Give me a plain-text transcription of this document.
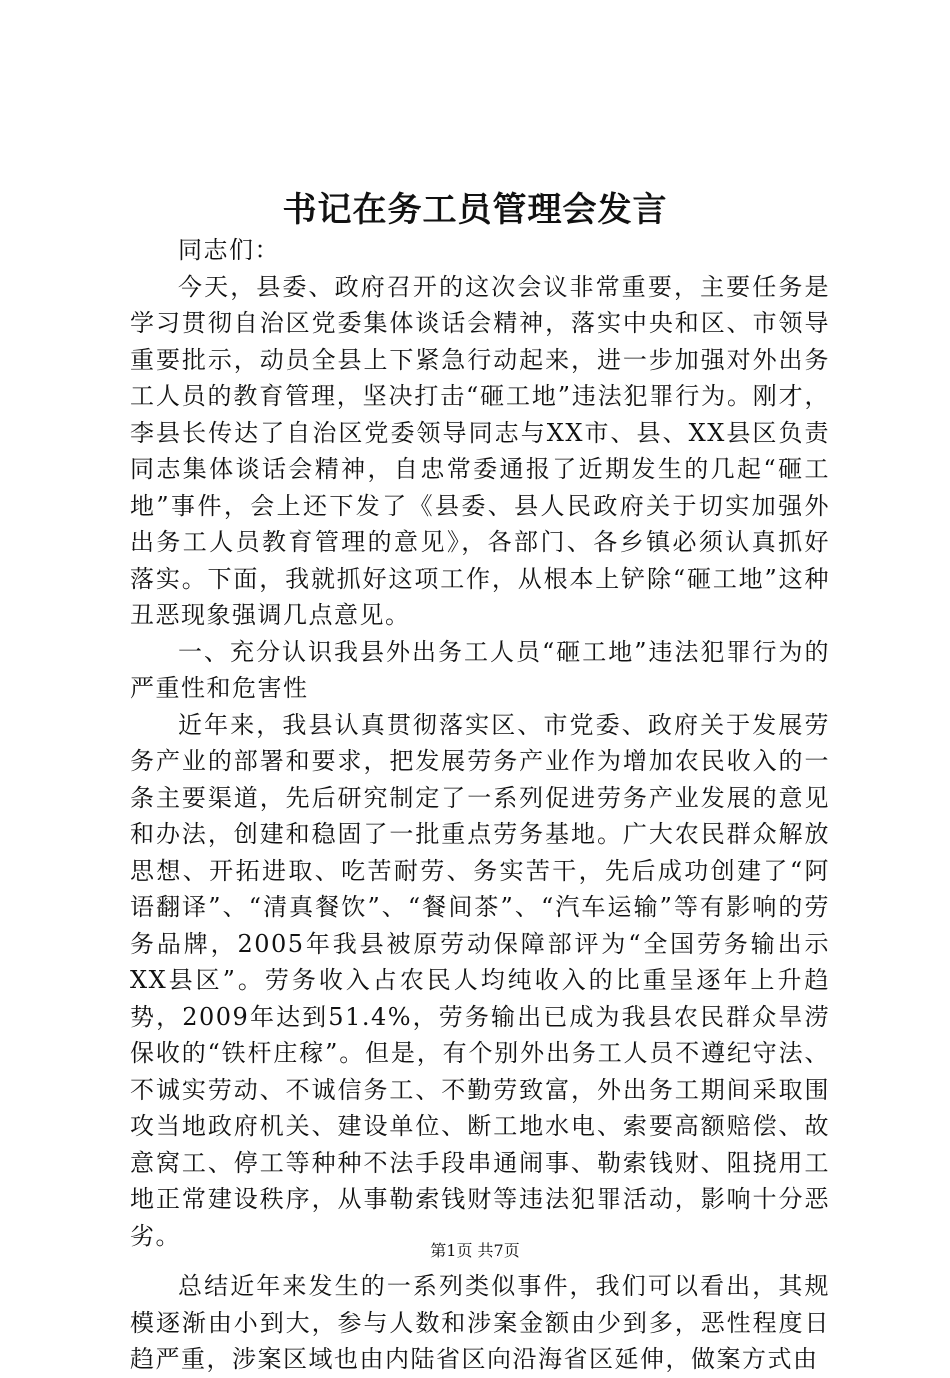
书记在务工员管理会发言

同志们：

今天，县委、政府召开的这次会议非常重要，主要任务是学习贯彻自治区党委集体谈话会精神，落实中央和区、市领导重要批示，动员全县上下紧急行动起来，进一步加强对外出务工人员的教育管理，坚决打击“砸工地”违法犯罪行为。刚才，李县长传达了自治区党委领导同志与XX市、县、XX县区负责同志集体谈话会精神，自忠常委通报了近期发生的几起“砸工地”事件，会上还下发了《县委、县人民政府关于切实加强外出务工人员教育管理的意见》，各部门、各乡镇必须认真抓好落实。下面，我就抓好这项工作，从根本上铲除“砸工地”这种丑恶现象强调几点意见。

一、充分认识我县外出务工人员“砸工地”违法犯罪行为的严重性和危害性

近年来，我县认真贯彻落实区、市党委、政府关于发展劳务产业的部署和要求，把发展劳务产业作为增加农民收入的一条主要渠道，先后研究制定了一系列促进劳务产业发展的意见和办法，创建和稳固了一批重点劳务基地。广大农民群众解放思想、开拓进取、吃苦耐劳、务实苦干，先后成功创建了“阿语翻译”、“清真餐饮”、“餐间茶”、“汽车运输”等有影响的劳务品牌，2005年我县被原劳动保障部评为“全国劳务输出示XX县区”。劳务收入占农民人均纯收入的比重呈逐年上升趋势，2009年达到51.4%，劳务输出已成为我县农民群众旱涝保收的“铁杆庄稼”。但是，有个别外出务工人员不遵纪守法、不诚实劳动、不诚信务工、不勤劳致富，外出务工期间采取围攻当地政府机关、建设单位、断工地水电、索要高额赔偿、故意窝工、停工等种种不法手段串通闹事、勒索钱财、阻挠用工地正常建设秩序，从事勒索钱财等违法犯罪活动，影响十分恶劣。

总结近年来发生的一系列类似事件，我们可以看出，其规模逐渐由小到大，参与人数和涉案金额由少到多，恶性程度日趋严重，涉案区域也由内陆省区向沿海省区延伸，做案方式由

第1页 共7页
